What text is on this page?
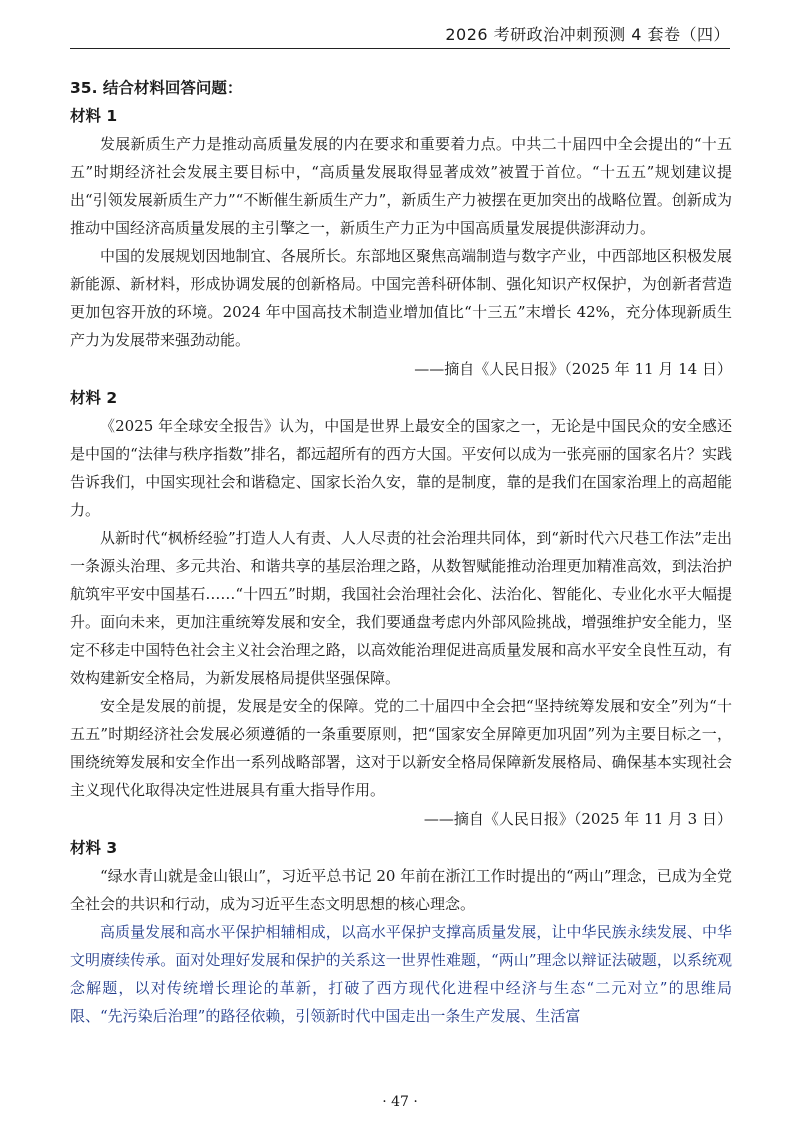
2026 考研政治冲刺预测 4 套卷（四）

35. 结合材料回答问题：

材料 1

发展新质生产力是推动高质量发展的内在要求和重要着力点。中共二十届四中全会提出的“十五五”时期经济社会发展主要目标中，“高质量发展取得显著成效”被置于首位。“十五五”规划建议提出“引领发展新质生产力”“不断催生新质生产力”，新质生产力被摆在更加突出的战略位置。创新成为推动中国经济高质量发展的主引擎之一，新质生产力正为中国高质量发展提供澎湃动力。

中国的发展规划因地制宜、各展所长。东部地区聚焦高端制造与数字产业，中西部地区积极发展新能源、新材料，形成协调发展的创新格局。中国完善科研体制、强化知识产权保护，为创新者营造更加包容开放的环境。2024 年中国高技术制造业增加值比“十三五”末增长 42%，充分体现新质生产力为发展带来强劲动能。

——摘自《人民日报》（2025 年 11 月 14 日）

材料 2

《2025 年全球安全报告》认为，中国是世界上最安全的国家之一，无论是中国民众的安全感还是中国的“法律与秩序指数”排名，都远超所有的西方大国。平安何以成为一张亮丽的国家名片？实践告诉我们，中国实现社会和谐稳定、国家长治久安，靠的是制度，靠的是我们在国家治理上的高超能力。

从新时代“枫桥经验”打造人人有责、人人尽责的社会治理共同体，到“新时代六尺巷工作法”走出一条源头治理、多元共治、和谐共享的基层治理之路，从数智赋能推动治理更加精准高效，到法治护航筑牢平安中国基石……“十四五”时期，我国社会治理社会化、法治化、智能化、专业化水平大幅提升。面向未来，更加注重统筹发展和安全，我们要通盘考虑内外部风险挑战，增强维护安全能力，坚定不移走中国特色社会主义社会治理之路，以高效能治理促进高质量发展和高水平安全良性互动，有效构建新安全格局，为新发展格局提供坚强保障。

安全是发展的前提，发展是安全的保障。党的二十届四中全会把“坚持统筹发展和安全”列为“十五五”时期经济社会发展必须遵循的一条重要原则，把“国家安全屏障更加巩固”列为主要目标之一，围绕统筹发展和安全作出一系列战略部署，这对于以新安全格局保障新发展格局、确保基本实现社会主义现代化取得决定性进展具有重大指导作用。

——摘自《人民日报》（2025 年 11 月 3 日）

材料 3

“绿水青山就是金山银山”，习近平总书记 20 年前在浙江工作时提出的“两山”理念，已成为全党全社会的共识和行动，成为习近平生态文明思想的核心理念。

高质量发展和高水平保护相辅相成，以高水平保护支撑高质量发展，让中华民族永续发展、中华文明赓续传承。面对处理好发展和保护的关系这一世界性难题，“两山”理念以辩证法破题，以系统观念解题，以对传统增长理论的革新，打破了西方现代化进程中经济与生态“二元对立”的思维局限、“先污染后治理”的路径依赖，引领新时代中国走出一条生产发展、生活富

· 47 ·
